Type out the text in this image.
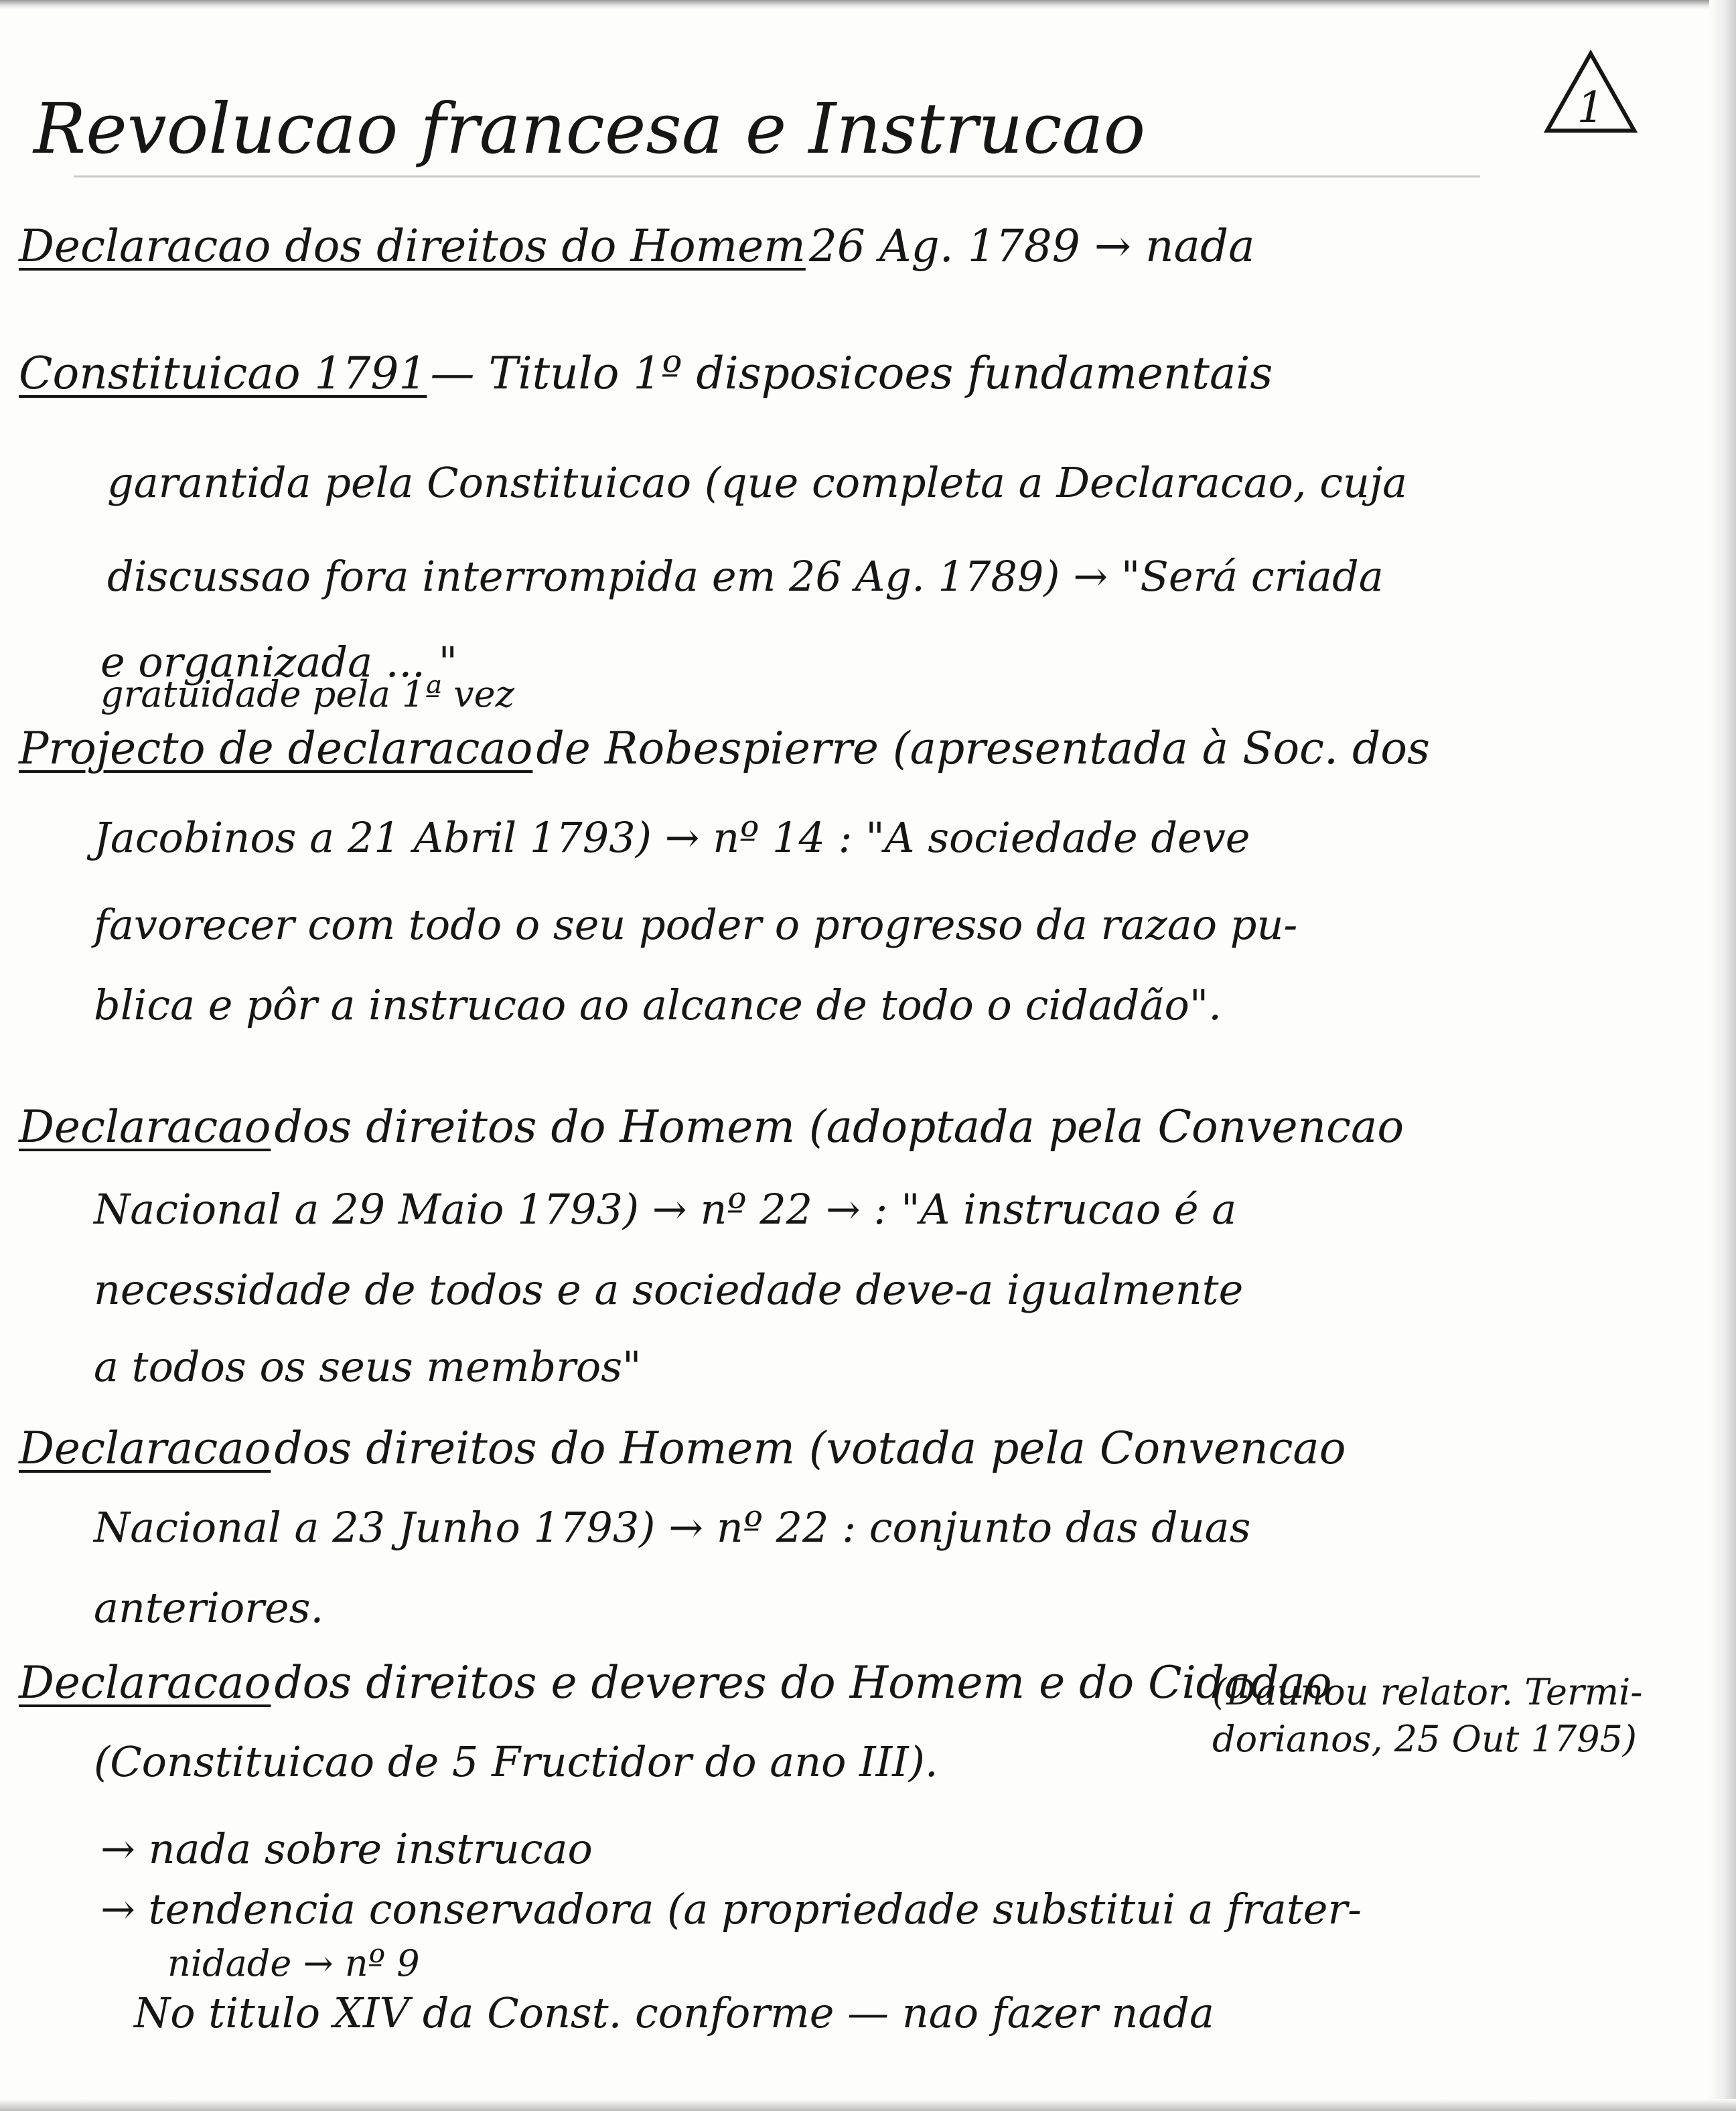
Revolucao francesa e Instrucao	1
Declaracao dos direitos do Homem 26 Ag. 1789 → nada
Constituicao 1791 — Titulo 1º disposicoes fundamentais

garantida pela Constituicao (que completa a Declaracao, cuja

discussao fora interrompida em 26 Ag. 1789) → "Será criada

e organizada ... "

gratuidade pela 1ª vez

Projecto de declaracao de Robespierre (apresentada à Soc. dos

Jacobinos a 21 Abril 1793) → nº 14 : "A sociedade deve

favorecer com todo o seu poder o progresso da razao pu-

blica e pôr a instrucao ao alcance de todo o cidadão".

Declaracao dos direitos do Homem (adoptada pela Convencao

Nacional a 29 Maio 1793) → nº 22 → : "A instrucao é a

necessidade de todos e a sociedade deve-a igualmente

a todos os seus membros"

Declaracao dos direitos do Homem (votada pela Convencao

Nacional a 23 Junho 1793) → nº 22 : conjunto das duas

anteriores.

Declaracao dos direitos e deveres do Homem e do Cidadao

(Constituicao de 5 Fructidor do ano III).

(Daunou relator. Termi-

dorianos, 25 Out 1795)

→ nada sobre instrucao

→ tendencia conservadora (a propriedade substitui a frater-

nidade → nº 9

No titulo XIV da Const. conforme — nao fazer nada
